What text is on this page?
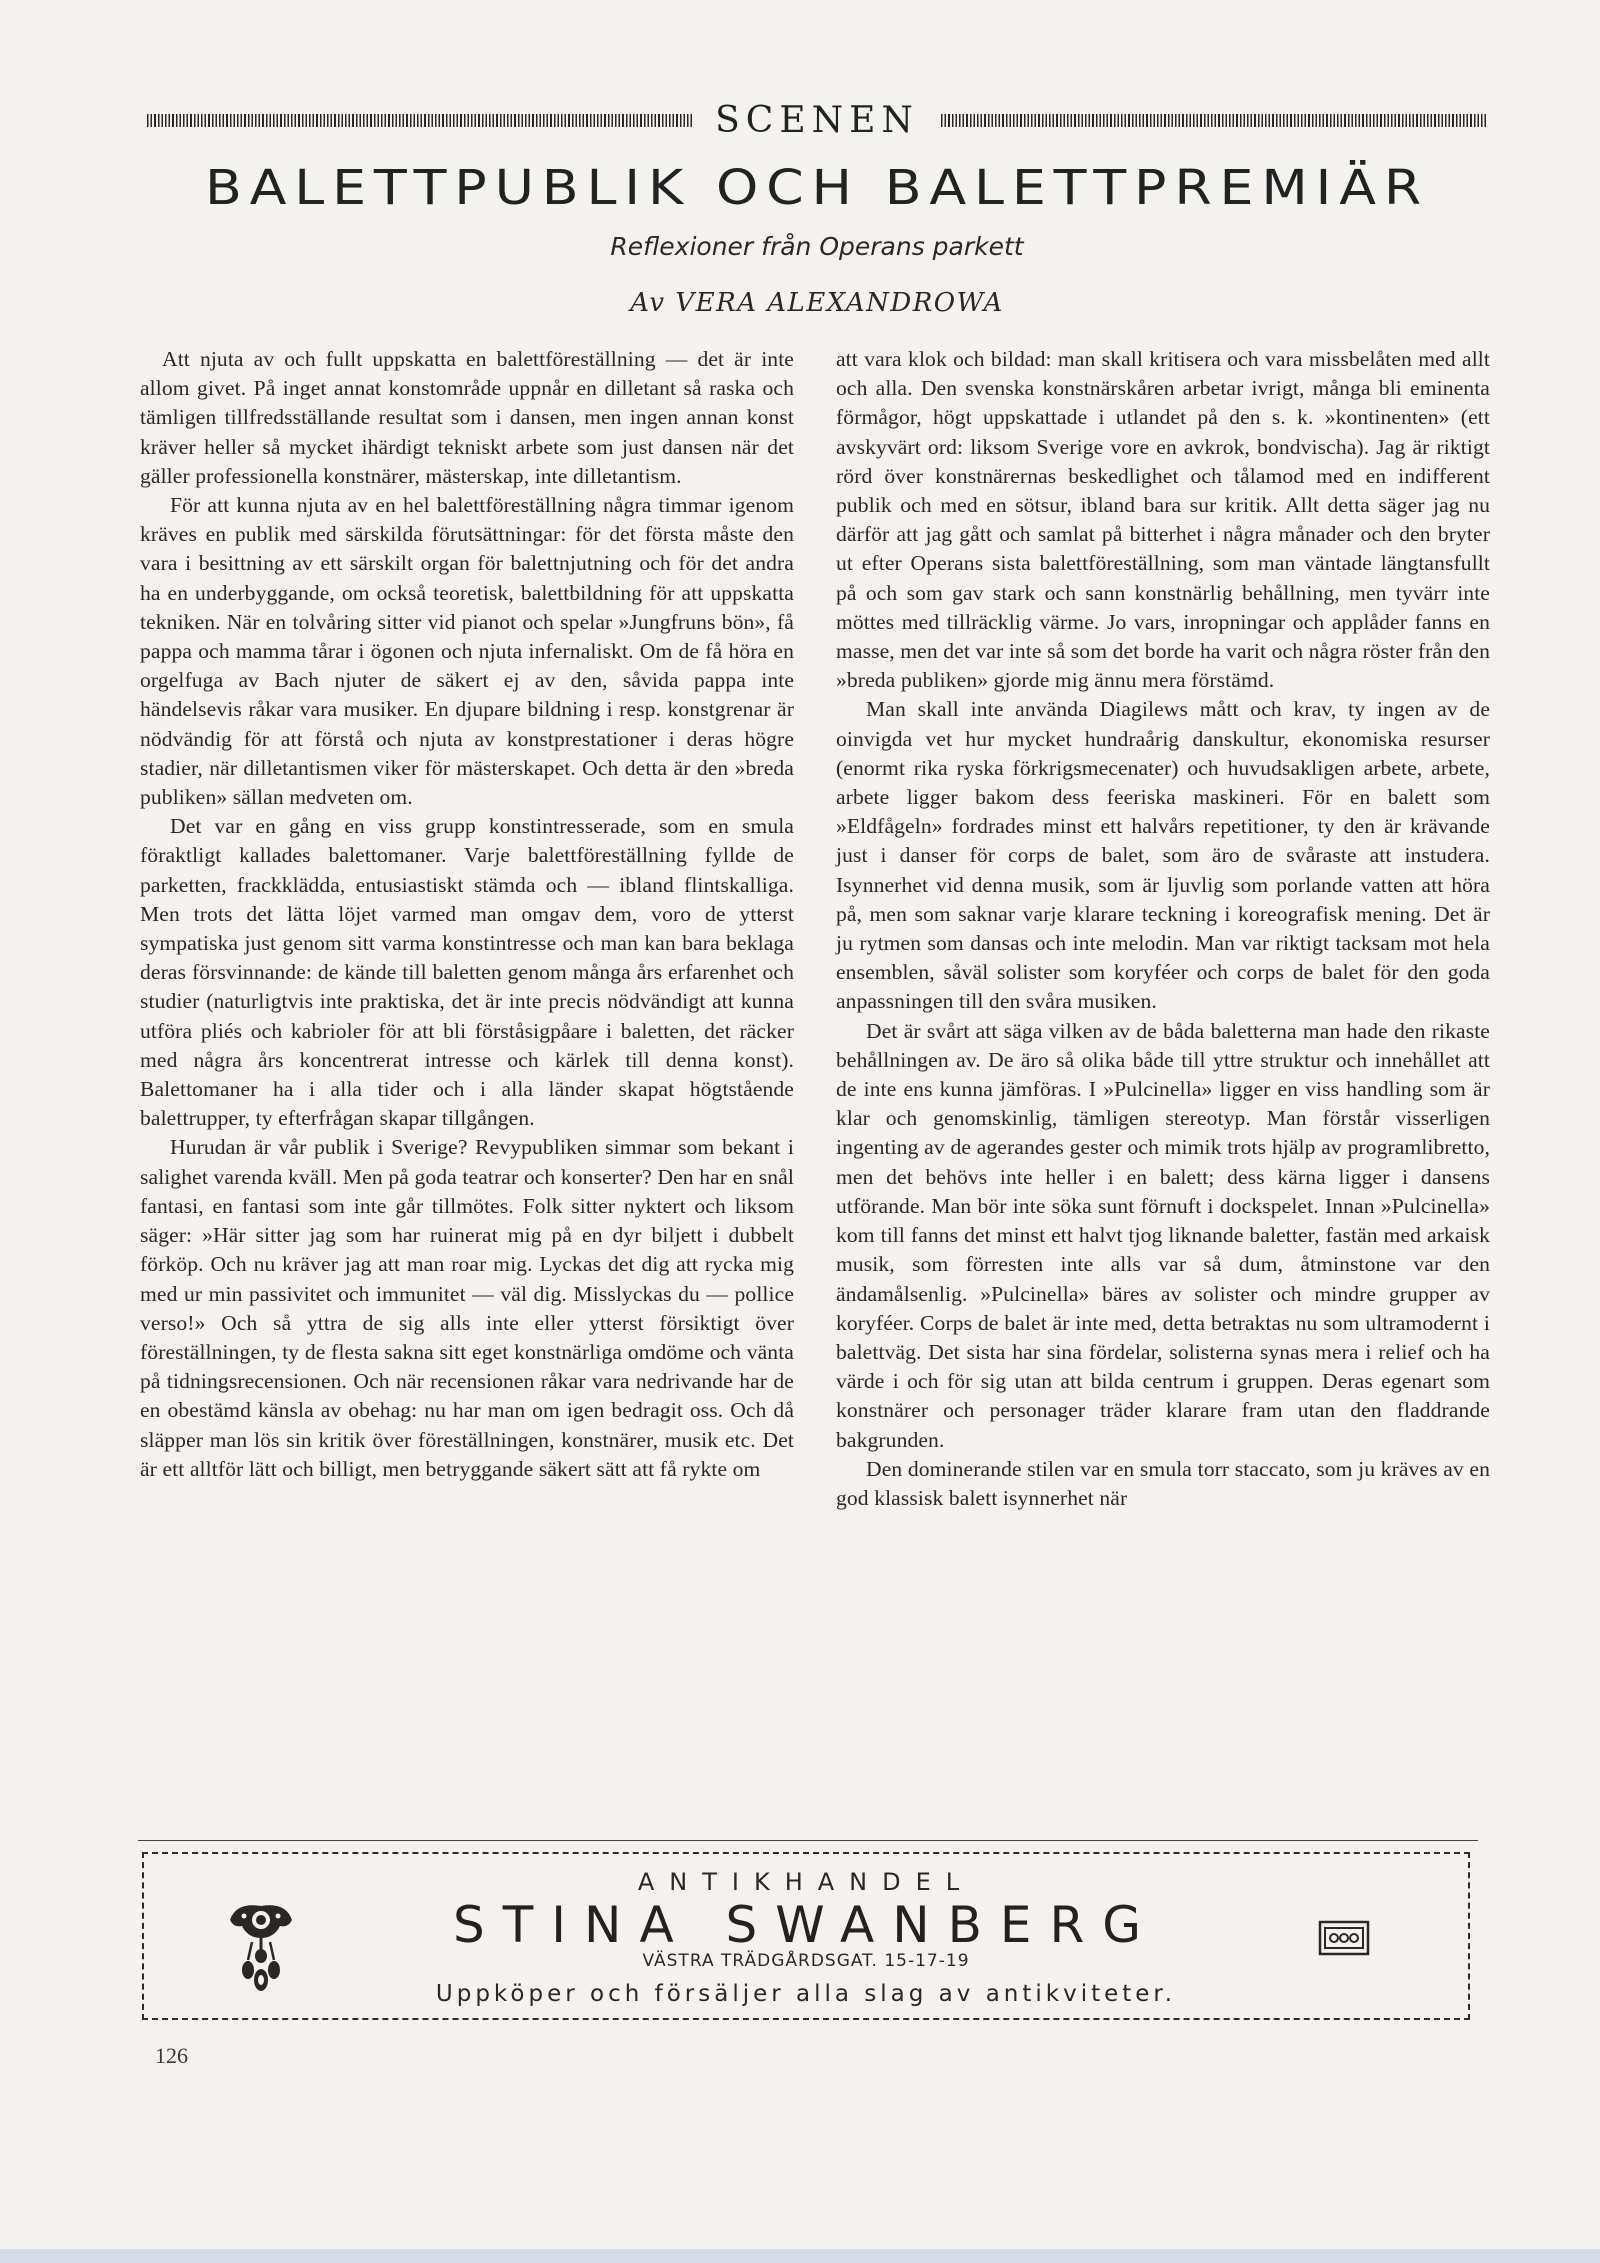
SCENEN
BALETTPUBLIK OCH BALETTPREMIÄR
Reflexioner från Operans parkett
Av VERA ALEXANDROWA

Att njuta av och fullt uppskatta en balettföreställning — det är inte allom givet. På inget annat konstområde uppnår en dilletant så raska och tämligen tillfredsställande resultat som i dansen, men ingen annan konst kräver heller så mycket ihärdigt tekniskt arbete som just dansen när det gäller professionella konstnärer, mästerskap, inte dilletantism.

För att kunna njuta av en hel balettföreställning några timmar igenom kräves en publik med särskilda förutsättningar: för det första måste den vara i besittning av ett särskilt organ för balettnjutning och för det andra ha en underbyggande, om också teoretisk, balettbildning för att uppskatta tekniken. När en tolvåring sitter vid pianot och spelar »Jungfruns bön», få pappa och mamma tårar i ögonen och njuta infernaliskt. Om de få höra en orgelfuga av Bach njuter de säkert ej av den, såvida pappa inte händelsevis råkar vara musiker. En djupare bildning i resp. konstgrenar är nödvändig för att förstå och njuta av konstprestationer i deras högre stadier, när dilletantismen viker för mästerskapet. Och detta är den »breda publiken» sällan medveten om.

Det var en gång en viss grupp konstintresserade, som en smula föraktligt kallades balettomaner. Varje balettföreställning fyllde de parketten, frackklädda, entusiastiskt stämda och — ibland flintskalliga. Men trots det lätta löjet varmed man omgav dem, voro de ytterst sympatiska just genom sitt varma konstintresse och man kan bara beklaga deras försvinnande: de kände till baletten genom många års erfarenhet och studier (naturligtvis inte praktiska, det är inte precis nödvändigt att kunna utföra pliés och kabrioler för att bli förståsigpåare i baletten, det räcker med några års koncentrerat intresse och kärlek till denna konst). Balettomaner ha i alla tider och i alla länder skapat högtstående balettrupper, ty efterfrågan skapar tillgången.

Hurudan är vår publik i Sverige? Revypubliken simmar som bekant i salighet varenda kväll. Men på goda teatrar och konserter? Den har en snål fantasi, en fantasi som inte går tillmötes. Folk sitter nyktert och liksom säger: »Här sitter jag som har ruinerat mig på en dyr biljett i dubbelt förköp. Och nu kräver jag att man roar mig. Lyckas det dig att rycka mig med ur min passivitet och immunitet — väl dig. Misslyckas du — pollice verso!» Och så yttra de sig alls inte eller ytterst försiktigt över föreställningen, ty de flesta sakna sitt eget konstnärliga omdöme och vänta på tidningsrecensionen. Och när recensionen råkar vara nedrivande har de en obestämd känsla av obehag: nu har man om igen bedragit oss. Och då släpper man lös sin kritik över föreställningen, konstnärer, musik etc. Det är ett alltför lätt och billigt, men betryggande säkert sätt att få rykte om

att vara klok och bildad: man skall kritisera och vara missbelåten med allt och alla. Den svenska konstnärskåren arbetar ivrigt, många bli eminenta förmågor, högt uppskattade i utlandet på den s. k. »kontinenten» (ett avskyvärt ord: liksom Sverige vore en avkrok, bondvischa). Jag är riktigt rörd över konstnärernas beskedlighet och tålamod med en indifferent publik och med en sötsur, ibland bara sur kritik. Allt detta säger jag nu därför att jag gått och samlat på bitterhet i några månader och den bryter ut efter Operans sista balettföreställning, som man väntade längtansfullt på och som gav stark och sann konstnärlig behållning, men tyvärr inte möttes med tillräcklig värme. Jo vars, inropningar och applåder fanns en masse, men det var inte så som det borde ha varit och några röster från den »breda publiken» gjorde mig ännu mera förstämd.

Man skall inte använda Diagilews mått och krav, ty ingen av de oinvigda vet hur mycket hundraårig danskultur, ekonomiska resurser (enormt rika ryska förkrigsmecenater) och huvudsakligen arbete, arbete, arbete ligger bakom dess feeriska maskineri. För en balett som »Eldfågeln» fordrades minst ett halvårs repetitioner, ty den är krävande just i danser för corps de balet, som äro de svåraste att instudera. Isynnerhet vid denna musik, som är ljuvlig som porlande vatten att höra på, men som saknar varje klarare teckning i koreografisk mening. Det är ju rytmen som dansas och inte melodin. Man var riktigt tacksam mot hela ensemblen, såväl solister som koryféer och corps de balet för den goda anpassningen till den svåra musiken.

Det är svårt att säga vilken av de båda baletterna man hade den rikaste behållningen av. De äro så olika både till yttre struktur och innehållet att de inte ens kunna jämföras. I »Pulcinella» ligger en viss handling som är klar och genomskinlig, tämligen stereotyp. Man förstår visserligen ingenting av de agerandes gester och mimik trots hjälp av programlibretto, men det behövs inte heller i en balett; dess kärna ligger i dansens utförande. Man bör inte söka sunt förnuft i dockspelet. Innan »Pulcinella» kom till fanns det minst ett halvt tjog liknande baletter, fastän med arkaisk musik, som förresten inte alls var så dum, åtminstone var den ändamålsenlig. »Pulcinella» bäres av solister och mindre grupper av koryféer. Corps de balet är inte med, detta betraktas nu som ultramodernt i balettväg. Det sista har sina fördelar, solisterna synas mera i relief och ha värde i och för sig utan att bilda centrum i gruppen. Deras egenart som konstnärer och personager träder klarare fram utan den fladdrande bakgrunden.

Den dominerande stilen var en smula torr staccato, som ju kräves av en god klassisk balett isynnerhet när

ANTIKHANDEL
STINA SWANBERG
VÄSTRA TRÄDGÅRDSGAT. 15-17-19
Uppköper och försäljer alla slag av antikviteter.
126
